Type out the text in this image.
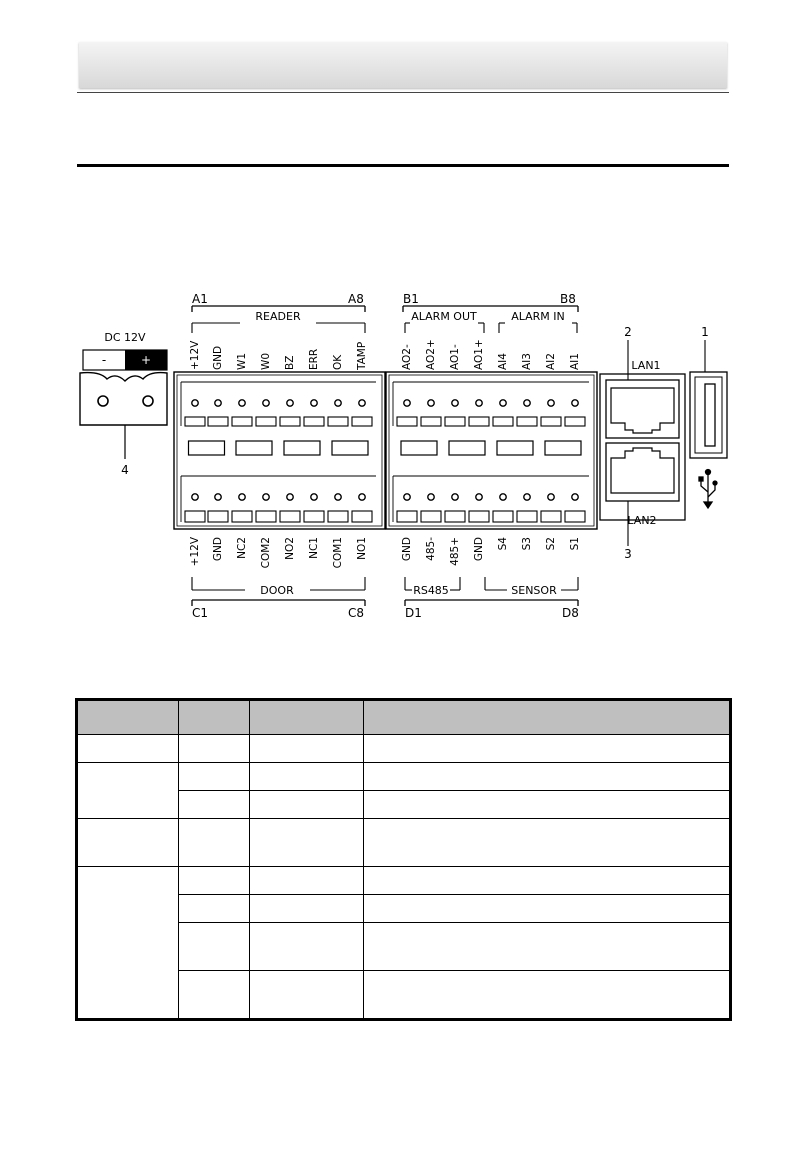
DC 12V
-	+
4
A1	A8
READER
+12V GND W1 W0 BZ ERR OK TAMP
B1	B8
ALARM OUT	ALARM IN
AO2- AO2+ AO1- AO1+ AI4 AI3 AI2 AI1
+12V GND NC2 COM2 NO2 NC1 COM1 NO1
DOOR
C1	C8
GND 485- 485+ GND S4 S3 S2 S1
RS485	SENSOR
D1	D8
2
LAN1
LAN2
3
1
